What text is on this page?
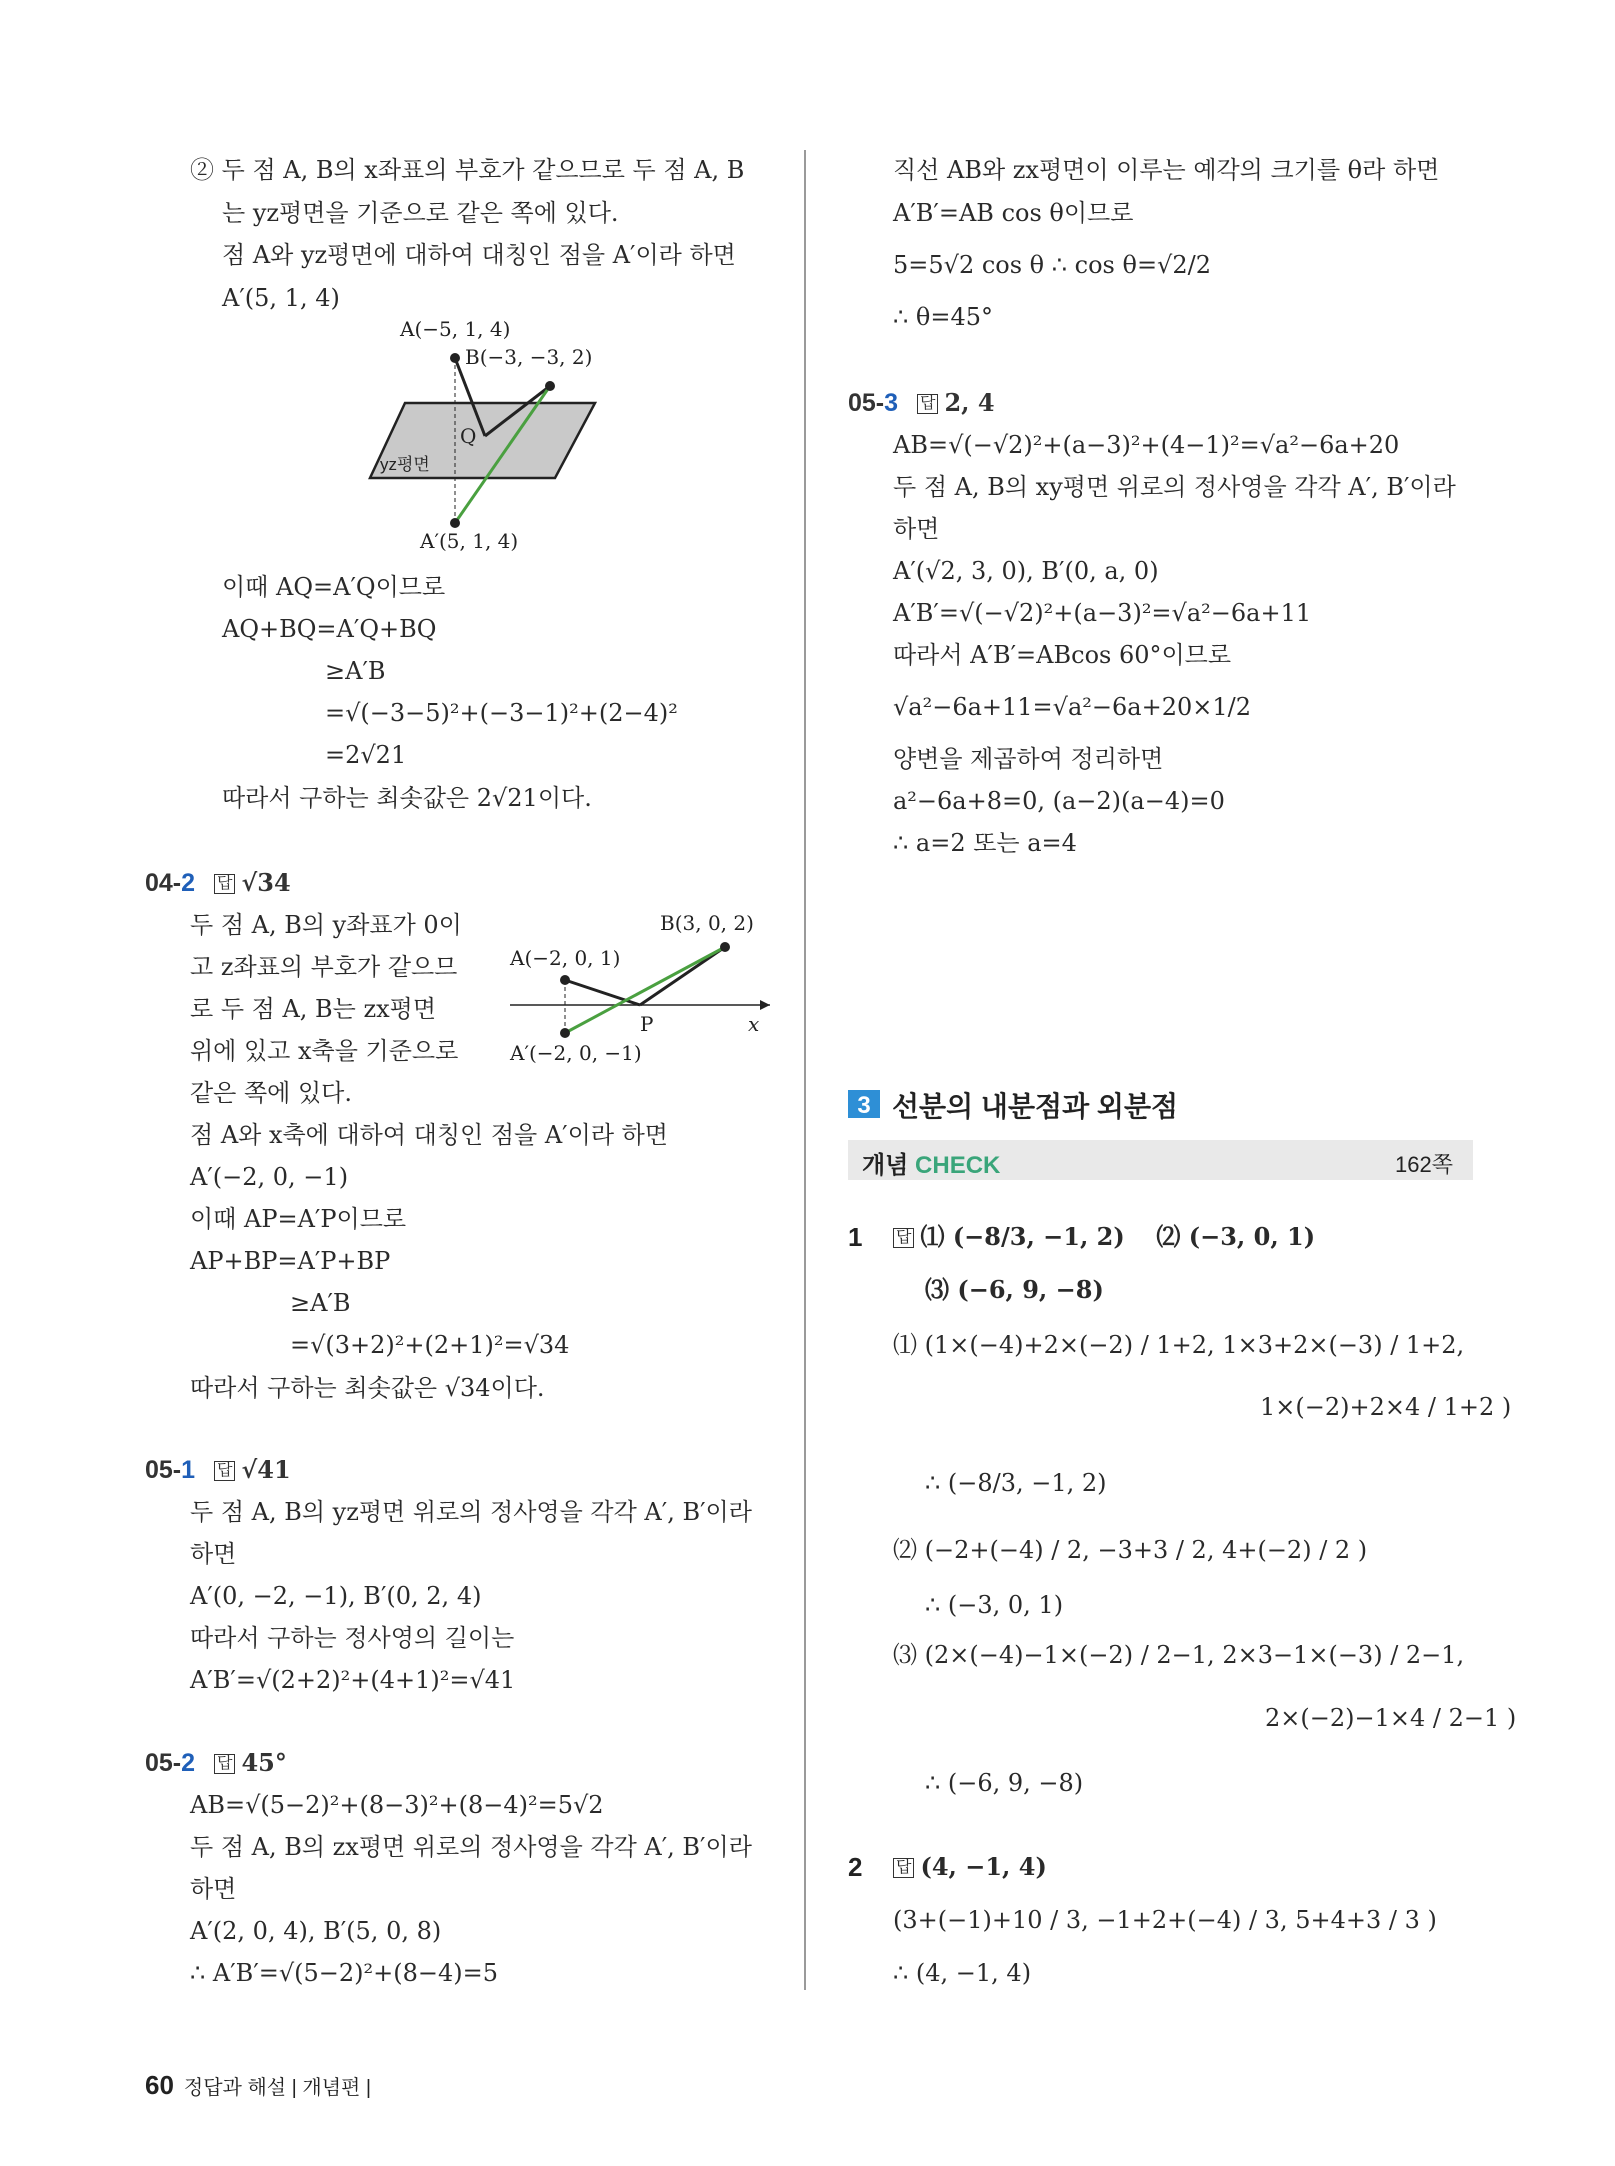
② 두 점 A, B의 x좌표의 부호가 같으므로 두 점 A, B
는 yz평면을 기준으로 같은 쪽에 있다.
점 A와 yz평면에 대하여 대칭인 점을 A′이라 하면
A′(5, 1, 4)
A(−5, 1, 4)
B(−3, −3, 2)
Q
yz평면
A′(5, 1, 4)
이때 AQ=A′Q이므로
AQ+BQ=A′Q+BQ
≥A′B
=√(−3−5)²+(−3−1)²+(2−4)²
=2√21
따라서 구하는 최솟값은 2√21이다.
04-2 답 √34
두 점 A, B의 y좌표가 0이
고 z좌표의 부호가 같으므
로 두 점 A, B는 zx평면
위에 있고 x축을 기준으로
같은 쪽에 있다.
B(3, 0, 2)
A(−2, 0, 1)
P	x
A′(−2, 0, −1)
점 A와 x축에 대하여 대칭인 점을 A′이라 하면
A′(−2, 0, −1)
이때 AP=A′P이므로
AP+BP=A′P+BP
≥A′B
=√(3+2)²+(2+1)²=√34
따라서 구하는 최솟값은 √34이다.
05-1 답 √41
두 점 A, B의 yz평면 위로의 정사영을 각각 A′, B′이라
하면
A′(0, −2, −1), B′(0, 2, 4)
따라서 구하는 정사영의 길이는
A′B′=√(2+2)²+(4+1)²=√41
05-2 답 45°
AB=√(5−2)²+(8−3)²+(8−4)²=5√2
두 점 A, B의 zx평면 위로의 정사영을 각각 A′, B′이라
하면
A′(2, 0, 4), B′(5, 0, 8)
∴ A′B′=√(5−2)²+(8−4)=5
직선 AB와 zx평면이 이루는 예각의 크기를 θ라 하면
A′B′=AB cos θ이므로
5=5√2 cos θ ∴ cos θ=√2/2
∴ θ=45°
05-3 답 2, 4
AB=√(−√2)²+(a−3)²+(4−1)²=√a²−6a+20
두 점 A, B의 xy평면 위로의 정사영을 각각 A′, B′이라
하면
A′(√2, 3, 0), B′(0, a, 0)
A′B′=√(−√2)²+(a−3)²=√a²−6a+11
따라서 A′B′=ABcos 60°이므로
√a²−6a+11=√a²−6a+20×1/2
양변을 제곱하여 정리하면
a²−6a+8=0, (a−2)(a−4)=0
∴ a=2 또는 a=4
3 선분의 내분점과 외분점
개념 CHECK	162쪽
1 답 ⑴ (−8/3, −1, 2) ⑵ (−3, 0, 1)
⑶ (−6, 9, −8)
⑴ (1×(−4)+2×(−2) / 1+2, 1×3+2×(−3) / 1+2,
1×(−2)+2×4 / 1+2 )
∴ (−8/3, −1, 2)
⑵ (−2+(−4) / 2, −3+3 / 2, 4+(−2) / 2 )
∴ (−3, 0, 1)
⑶ (2×(−4)−1×(−2) / 2−1, 2×3−1×(−3) / 2−1,
2×(−2)−1×4 / 2−1 )
∴ (−6, 9, −8)
2 답 (4, −1, 4)
(3+(−1)+10 / 3, −1+2+(−4) / 3, 5+4+3 / 3 )
∴ (4, −1, 4)
60 정답과 해설 | 개념편 |
